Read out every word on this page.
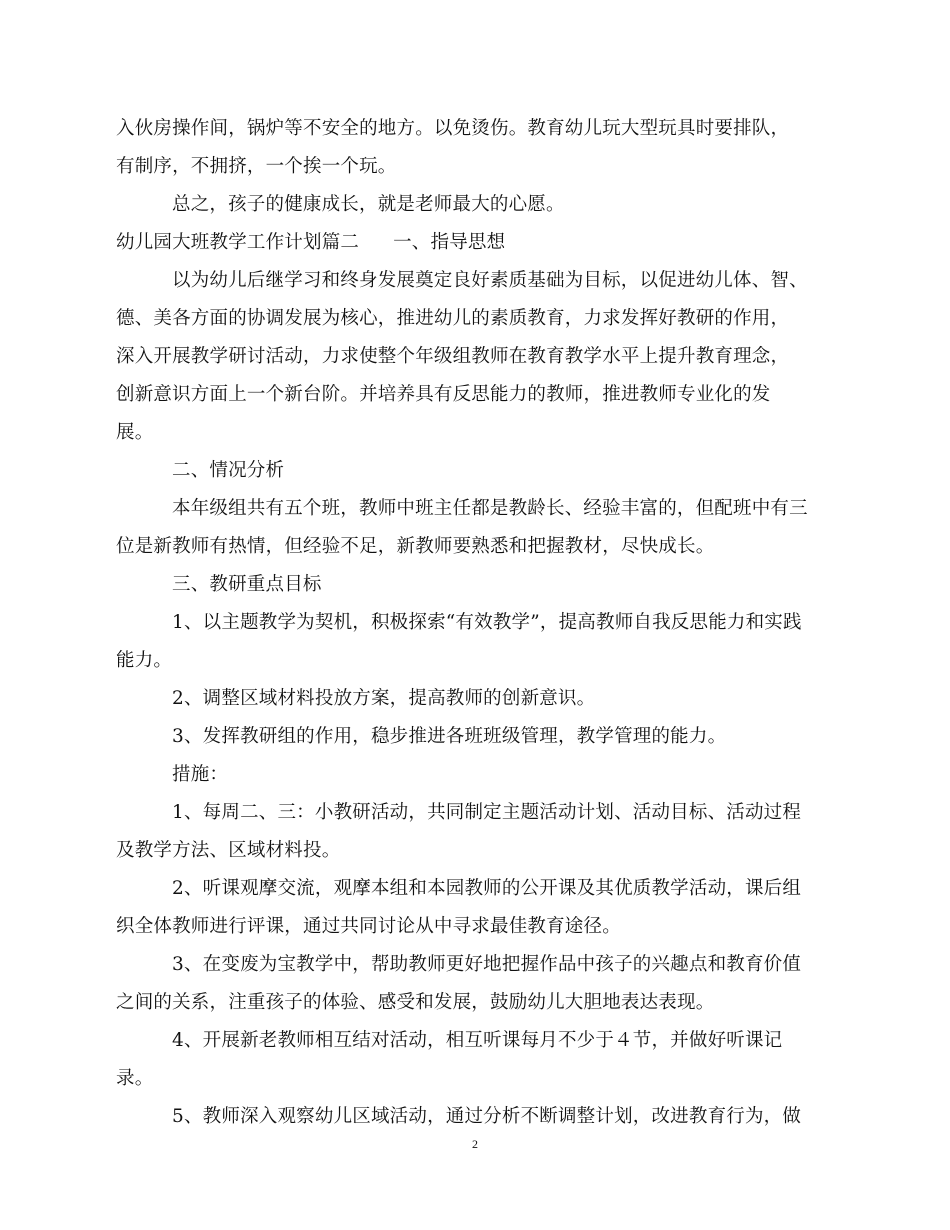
入伙房操作间，锅炉等不安全的地方。以免烫伤。教育幼儿玩大型玩具时要排队，
有制序，不拥挤，一个挨一个玩。
总之，孩子的健康成长，就是老师最大的心愿。
幼儿园大班教学工作计划篇二 一、指导思想
以为幼儿后继学习和终身发展奠定良好素质基础为目标，以促进幼儿体、智、
德、美各方面的协调发展为核心，推进幼儿的素质教育，力求发挥好教研的作用，
深入开展教学研讨活动，力求使整个年级组教师在教育教学水平上提升教育理念，
创新意识方面上一个新台阶。并培养具有反思能力的教师，推进教师专业化的发
展。
二、情况分析
本年级组共有五个班，教师中班主任都是教龄长、经验丰富的，但配班中有三
位是新教师有热情，但经验不足，新教师要熟悉和把握教材，尽快成长。
三、教研重点目标
1、以主题教学为契机，积极探索“有效教学”，提高教师自我反思能力和实践
能力。
2、调整区域材料投放方案，提高教师的创新意识。
3、发挥教研组的作用，稳步推进各班班级管理，教学管理的能力。
措施：
1、每周二、三：小教研活动，共同制定主题活动计划、活动目标、活动过程
及教学方法、区域材料投。
2、听课观摩交流，观摩本组和本园教师的公开课及其优质教学活动，课后组
织全体教师进行评课，通过共同讨论从中寻求最佳教育途径。
3、在变废为宝教学中，帮助教师更好地把握作品中孩子的兴趣点和教育价值
之间的关系，注重孩子的体验、感受和发展，鼓励幼儿大胆地表达表现。
4、开展新老教师相互结对活动，相互听课每月不少于４节，并做好听课记
录。
5、教师深入观察幼儿区域活动，通过分析不断调整计划，改进教育行为，做
2
